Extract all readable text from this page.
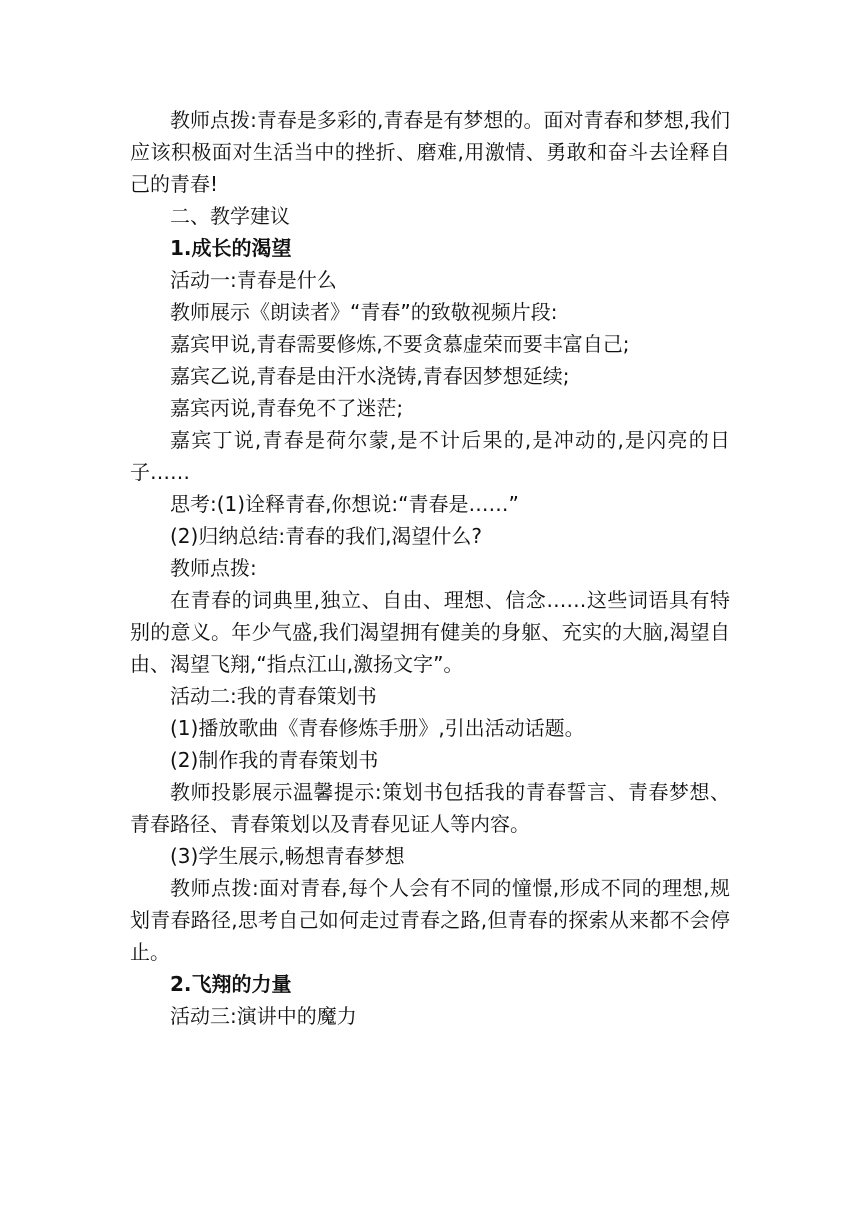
教师点拨:青春是多彩的,青春是有梦想的。面对青春和梦想,我们应该积极面对生活当中的挫折、磨难,用激情、勇敢和奋斗去诠释自己的青春!

二、教学建议

1.成长的渴望

活动一:青春是什么

教师展示《朗读者》“青春”的致敬视频片段:

嘉宾甲说,青春需要修炼,不要贪慕虚荣而要丰富自己;

嘉宾乙说,青春是由汗水浇铸,青春因梦想延续;

嘉宾丙说,青春免不了迷茫;

嘉宾丁说,青春是荷尔蒙,是不计后果的,是冲动的,是闪亮的日子……

思考:(1)诠释青春,你想说:“青春是……”

(2)归纳总结:青春的我们,渴望什么?

教师点拨:

在青春的词典里,独立、自由、理想、信念……这些词语具有特别的意义。年少气盛,我们渴望拥有健美的身躯、充实的大脑,渴望自由、渴望飞翔,“指点江山,激扬文字”。

活动二:我的青春策划书

(1)播放歌曲《青春修炼手册》,引出活动话题。

(2)制作我的青春策划书

教师投影展示温馨提示:策划书包括我的青春誓言、青春梦想、青春路径、青春策划以及青春见证人等内容。

(3)学生展示,畅想青春梦想

教师点拨:面对青春,每个人会有不同的憧憬,形成不同的理想,规划青春路径,思考自己如何走过青春之路,但青春的探索从来都不会停止。

2.飞翔的力量

活动三:演讲中的魔力
